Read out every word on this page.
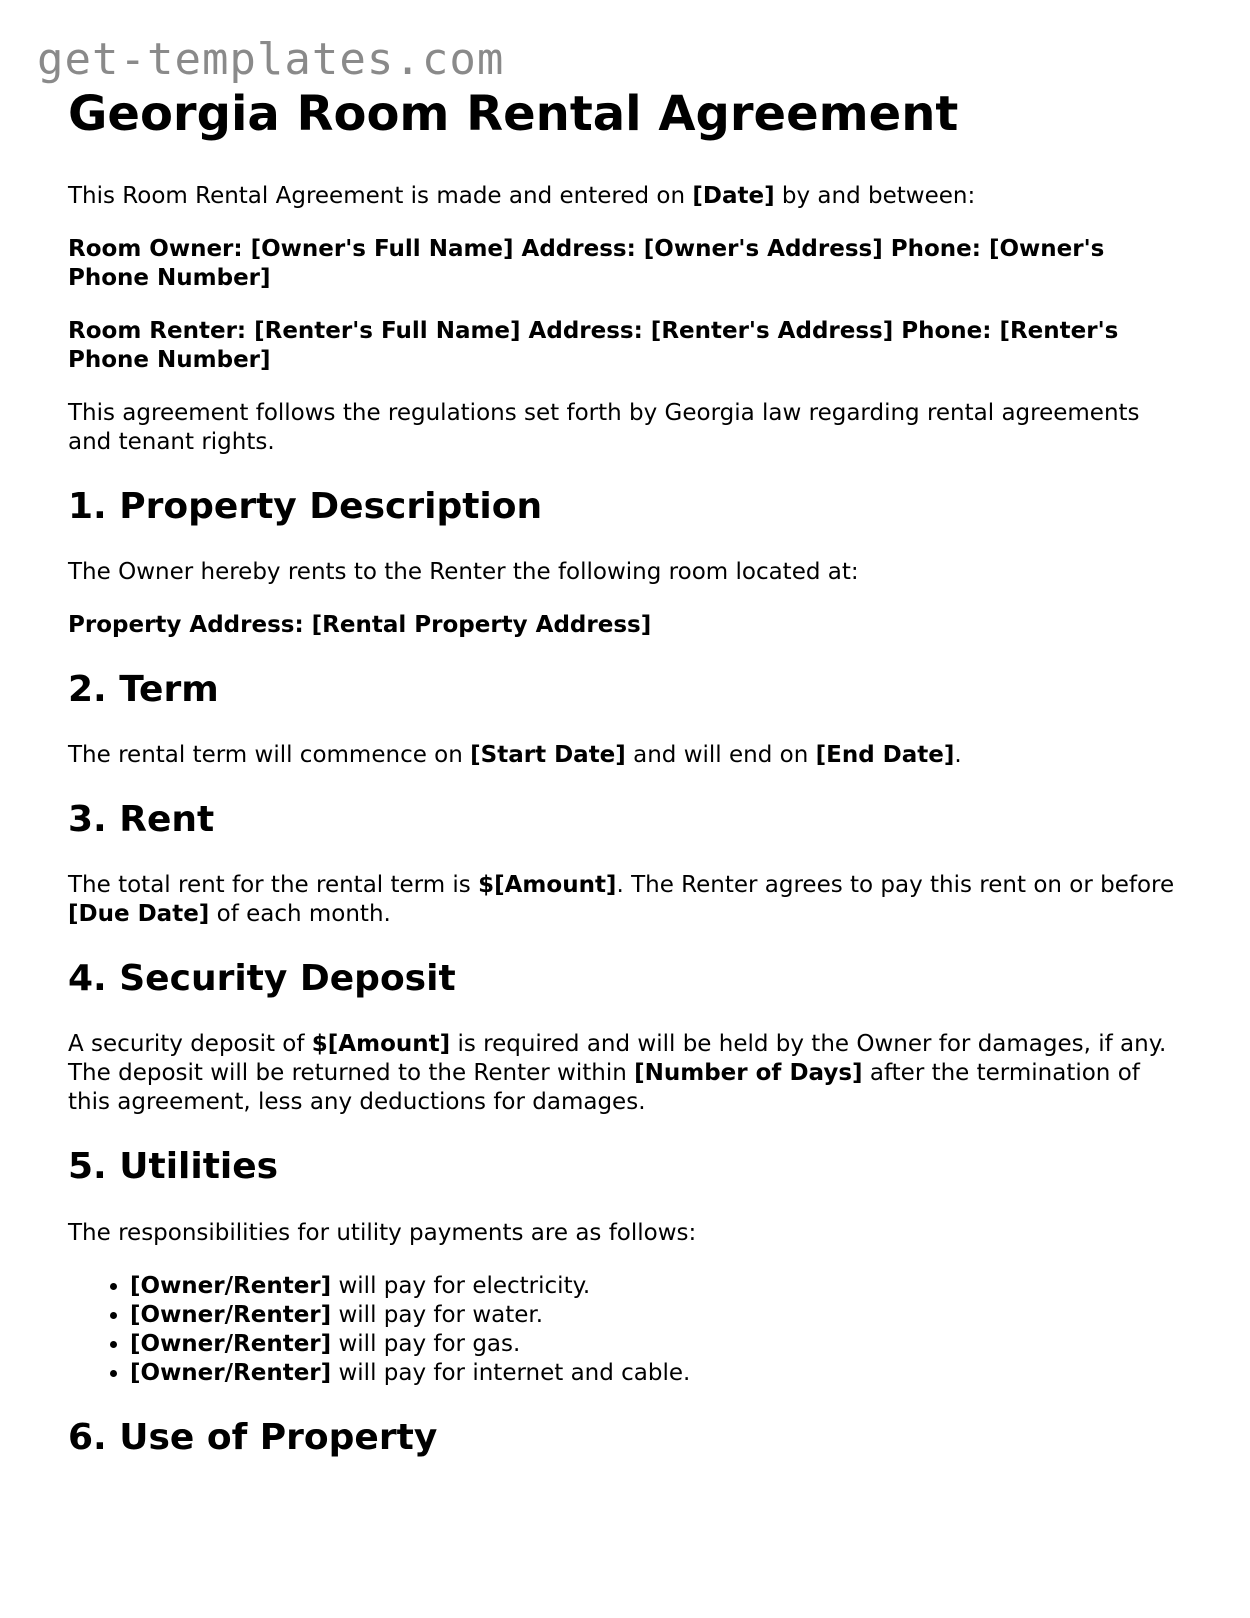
get-templates.com
Georgia Room Rental Agreement

This Room Rental Agreement is made and entered on [Date] by and between:

Room Owner: [Owner's Full Name] Address: [Owner's Address] Phone: [Owner's Phone Number]

Room Renter: [Renter's Full Name] Address: [Renter's Address] Phone: [Renter's Phone Number]

This agreement follows the regulations set forth by Georgia law regarding rental agreements and tenant rights.

1. Property Description

The Owner hereby rents to the Renter the following room located at:

Property Address: [Rental Property Address]

2. Term

The rental term will commence on [Start Date] and will end on [End Date].

3. Rent

The total rent for the rental term is $[Amount]. The Renter agrees to pay this rent on or before [Due Date] of each month.

4. Security Deposit

A security deposit of $[Amount] is required and will be held by the Owner for damages, if any. The deposit will be returned to the Renter within [Number of Days] after the termination of this agreement, less any deductions for damages.

5. Utilities

The responsibilities for utility payments are as follows:

• [Owner/Renter] will pay for electricity.
• [Owner/Renter] will pay for water.
• [Owner/Renter] will pay for gas.
• [Owner/Renter] will pay for internet and cable.
6. Use of Property
